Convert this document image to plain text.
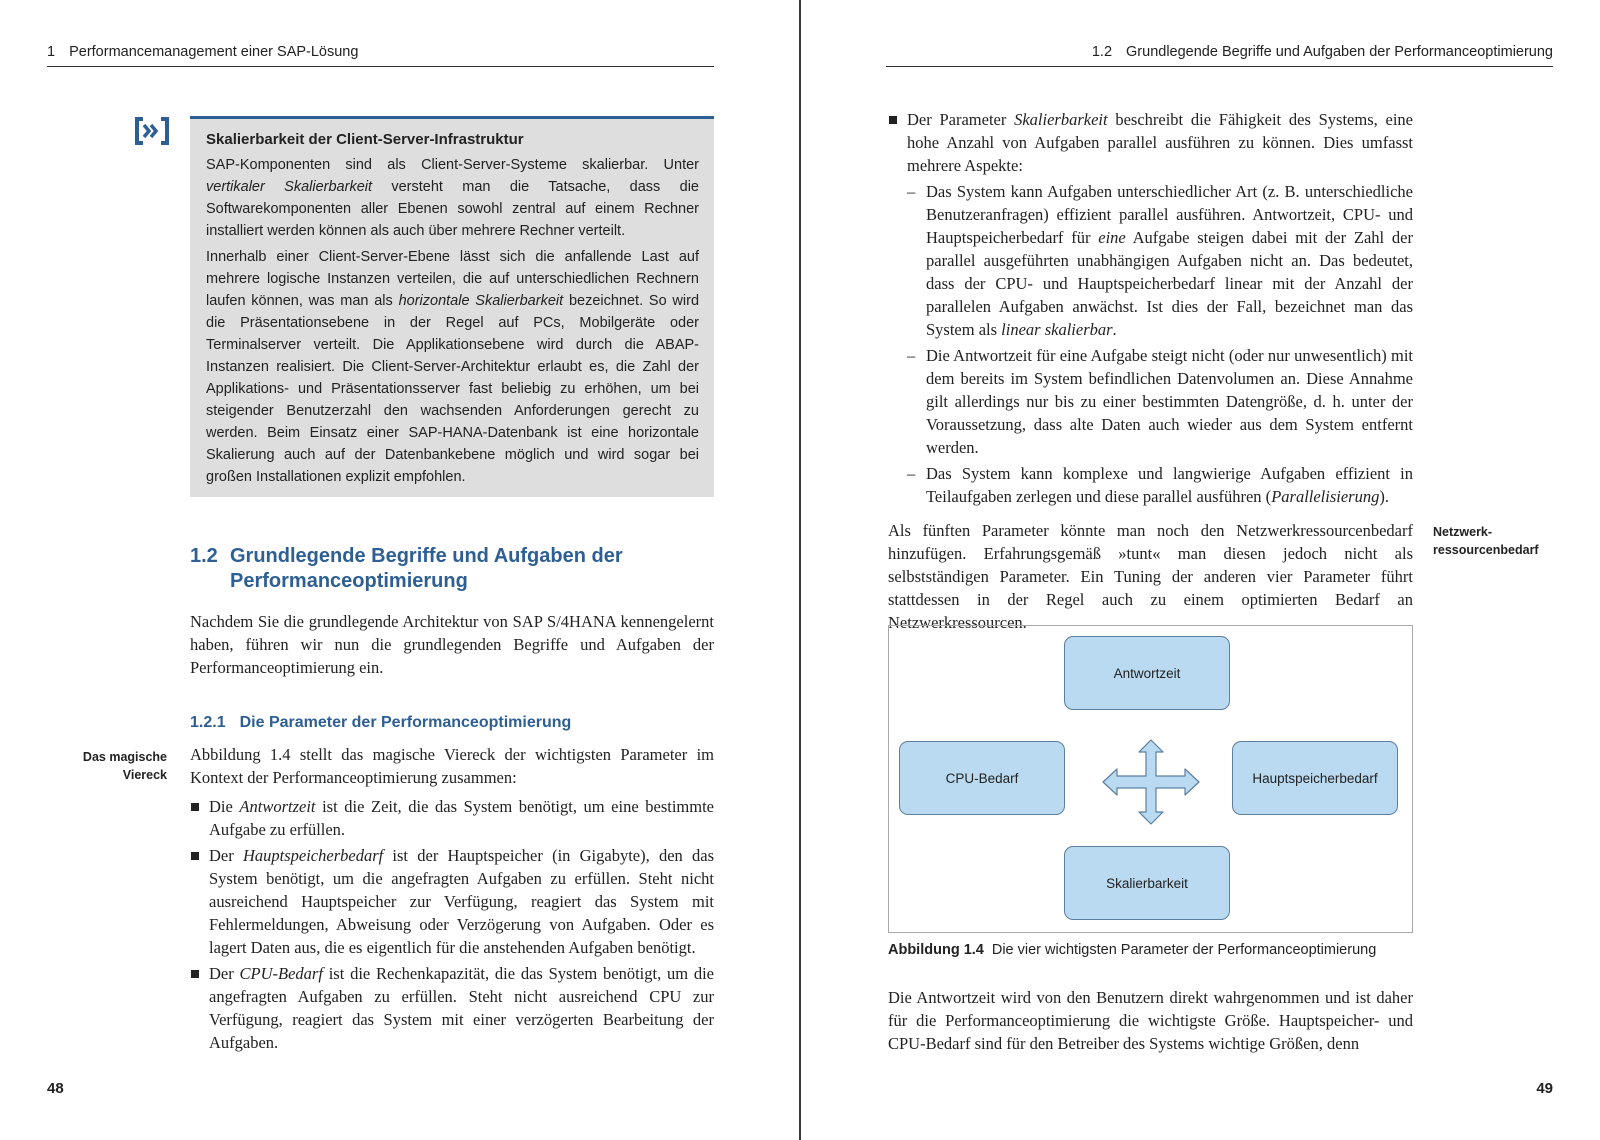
1 Performancemanagement einer SAP-Lösung
Skalierbarkeit der Client-Server-Infrastruktur

SAP-Komponenten sind als Client-Server-Systeme skalierbar. Unter vertikaler Skalierbarkeit versteht man die Tatsache, dass die Softwarekomponenten aller Ebenen sowohl zentral auf einem Rechner installiert werden können als auch über mehrere Rechner verteilt.

Innerhalb einer Client-Server-Ebene lässt sich die anfallende Last auf mehrere logische Instanzen verteilen, die auf unterschiedlichen Rechnern laufen können, was man als horizontale Skalierbarkeit bezeichnet. So wird die Präsentationsebene in der Regel auf PCs, Mobilgeräte oder Terminalserver verteilt. Die Applikationsebene wird durch die ABAP-Instanzen realisiert. Die Client-Server-Architektur erlaubt es, die Zahl der Applikations- und Präsentationsserver fast beliebig zu erhöhen, um bei steigender Benutzerzahl den wachsenden Anforderungen gerecht zu werden. Beim Einsatz einer SAP-HANA-Datenbank ist eine horizontale Skalierung auch auf der Datenbankebene möglich und wird sogar bei großen Installationen explizit empfohlen.

1.2 Grundlegende Begriffe und Aufgaben der
Performanceoptimierung

Nachdem Sie die grundlegende Architektur von SAP S/4HANA kennengelernt haben, führen wir nun die grundlegenden Begriffe und Aufgaben der Performanceoptimierung ein.

1.2.1 Die Parameter der Performanceoptimierung
Das magische
Viereck

Abbildung 1.4 stellt das magische Viereck der wichtigsten Parameter im Kontext der Performanceoptimierung zusammen:

Die Antwortzeit ist die Zeit, die das System benötigt, um eine bestimmte Aufgabe zu erfüllen.
Der Hauptspeicherbedarf ist der Hauptspeicher (in Gigabyte), den das System benötigt, um die angefragten Aufgaben zu erfüllen. Steht nicht ausreichend Hauptspeicher zur Verfügung, reagiert das System mit Fehlermeldungen, Abweisung oder Verzögerung von Aufgaben. Oder es lagert Daten aus, die es eigentlich für die anstehenden Aufgaben benötigt.
Der CPU-Bedarf ist die Rechenkapazität, die das System benötigt, um die angefragten Aufgaben zu erfüllen. Steht nicht ausreichend CPU zur Verfügung, reagiert das System mit einer verzögerten Bearbeitung der Aufgaben.
48
1.2 Grundlegende Begriffe und Aufgaben der Performanceoptimierung
Der Parameter Skalierbarkeit beschreibt die Fähigkeit des Systems, eine hohe Anzahl von Aufgaben parallel ausführen zu können. Dies umfasst mehrere Aspekte:
– Das System kann Aufgaben unterschiedlicher Art (z. B. unterschiedliche Benutzeranfragen) effizient parallel ausführen. Antwortzeit, CPU- und Hauptspeicherbedarf für eine Aufgabe steigen dabei mit der Zahl der parallel ausgeführten unabhängigen Aufgaben nicht an. Das bedeutet, dass der CPU- und Hauptspeicherbedarf linear mit der Anzahl der parallelen Aufgaben anwächst. Ist dies der Fall, bezeichnet man das System als linear skalierbar.
– Die Antwortzeit für eine Aufgabe steigt nicht (oder nur unwesentlich) mit dem bereits im System befindlichen Datenvolumen an. Diese Annahme gilt allerdings nur bis zu einer bestimmten Datengröße, d. h. unter der Voraussetzung, dass alte Daten auch wieder aus dem System entfernt werden.
– Das System kann komplexe und langwierige Aufgaben effizient in Teilaufgaben zerlegen und diese parallel ausführen (Parallelisierung).

Als fünften Parameter könnte man noch den Netzwerkressourcenbedarf hinzufügen. Erfahrungsgemäß »tunt« man diesen jedoch nicht als selbstständigen Parameter. Ein Tuning der anderen vier Parameter führt stattdessen in der Regel auch zu einem optimierten Bedarf an Netzwerkressourcen.

Netzwerk-
ressourcenbedarf
Antwortzeit
CPU-Bedarf	Hauptspeicherbedarf
Skalierbarkeit
Abbildung 1.4 Die vier wichtigsten Parameter der Performanceoptimierung

Die Antwortzeit wird von den Benutzern direkt wahrgenommen und ist daher für die Performanceoptimierung die wichtigste Größe. Hauptspeicher- und CPU-Bedarf sind für den Betreiber des Systems wichtige Größen, denn

49
